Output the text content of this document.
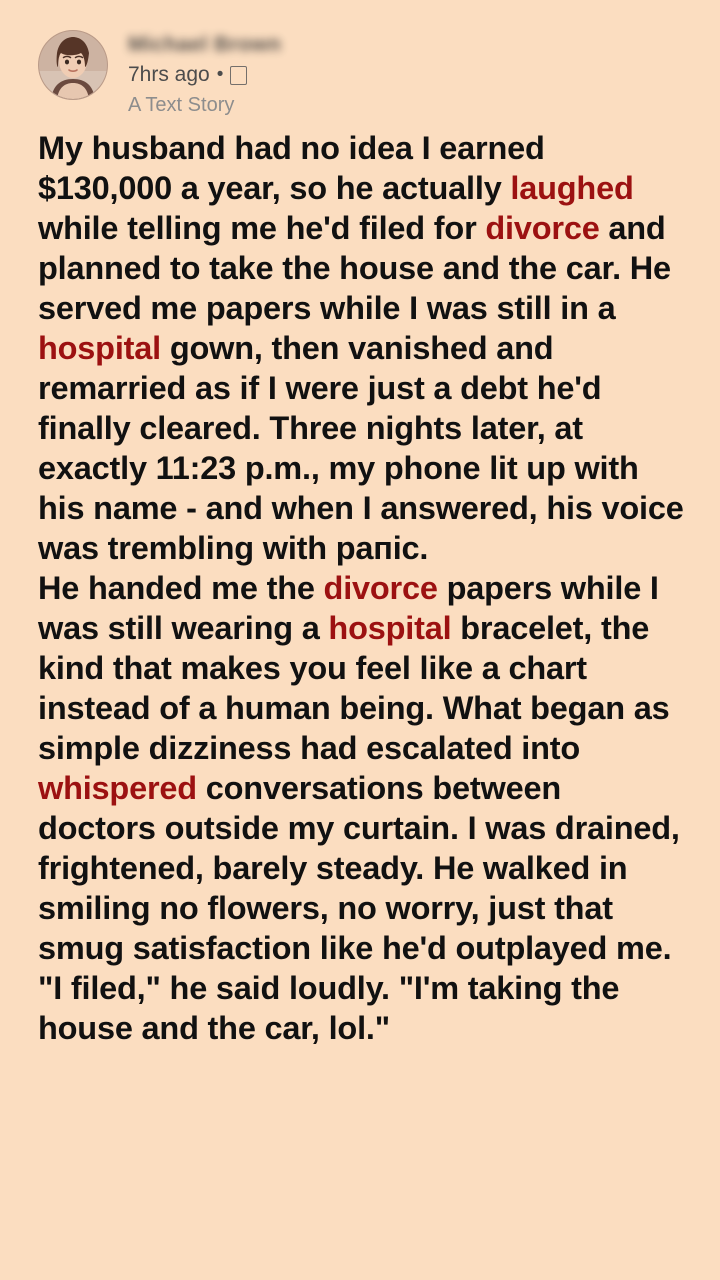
Michael Brown
7hrs ago •
A Text Story

My husband had no idea I earned $130,000 a year, so he actually laughed while telling me he'd filed for divorce and planned to take the house and the car. He served me papers while I was still in a hospital gown, then vanished and remarried as if I were just a debt he'd finally cleared. Three nights later, at exactly 11:23 p.m., my phone lit up with his name - and when I answered, his voice was trembling with paпic.

He handed me the divorce papers while I was still wearing a hospital bracelet, the kind that makes you feel like a chart instead of a human being. What began as simple dizziness had escalated into whispered conversations between doctors outside my curtain. I was drained, frightened, barely steady. He walked in smiling no flowers, no worry, just that smug satisfaction like he'd outplayed me.

"I filed," he said loudly. "I'm taking the house and the car, lol."
